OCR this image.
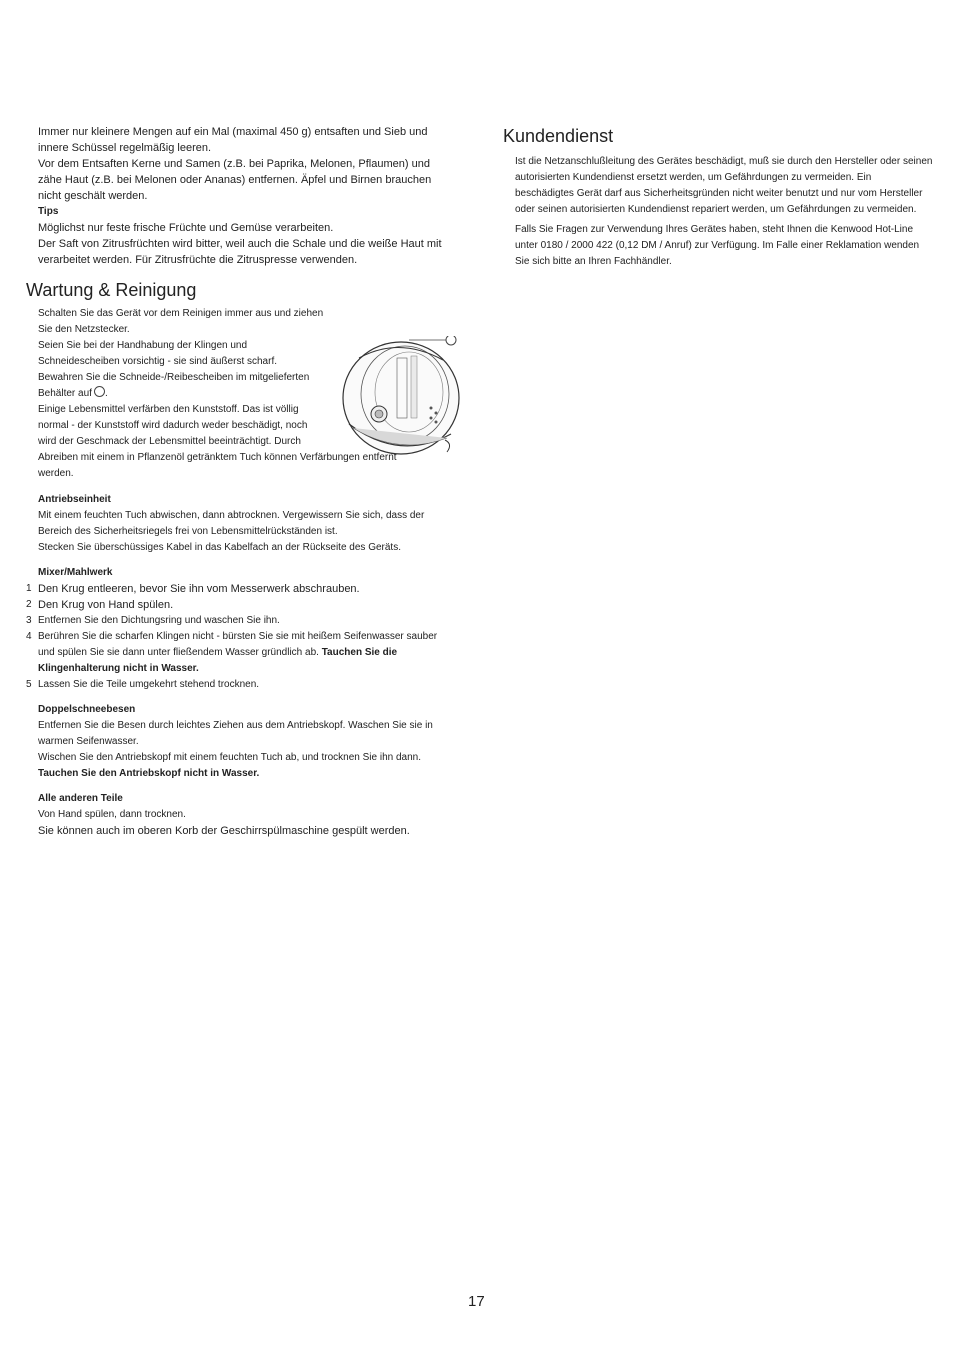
Immer nur kleinere Mengen auf ein Mal (maximal 450 g) entsaften und Sieb und innere Schüssel regelmäßig leeren.

Vor dem Entsaften Kerne und Samen (z.B. bei Paprika, Melonen, Pflaumen) und zähe Haut (z.B. bei Melonen oder Ananas) entfernen. Äpfel und Birnen brauchen nicht geschält werden.

Tips

Möglichst nur feste frische Früchte und Gemüse verarbeiten.

Der Saft von Zitrusfrüchten wird bitter, weil auch die Schale und die weiße Haut mit verarbeitet werden. Für Zitrusfrüchte die Zitruspresse verwenden.

Wartung & Reinigung

Schalten Sie das Gerät vor dem Reinigen immer aus und ziehen

Sie den Netzstecker.

Seien Sie bei der Handhabung der Klingen und

Schneidescheiben vorsichtig - sie sind äußerst scharf.

Bewahren Sie die Schneide-/Reibescheiben im mitgelieferten

Behälter auf .

Einige Lebensmittel verfärben den Kunststoff. Das ist völlig

normal - der Kunststoff wird dadurch weder beschädigt, noch

wird der Geschmack der Lebensmittel beeinträchtigt. Durch

Abreiben mit einem in Pflanzenöl getränktem Tuch können Verfärbungen entfernt

werden.

Antriebseinheit

Mit einem feuchten Tuch abwischen, dann abtrocknen. Vergewissern Sie sich, dass der Bereich des Sicherheitsriegels frei von Lebensmittelrückständen ist.

Stecken Sie überschüssiges Kabel in das Kabelfach an der Rückseite des Geräts.

Mixer/Mahlwerk

1 Den Krug entleeren, bevor Sie ihn vom Messerwerk abschrauben.
2 Den Krug von Hand spülen.
3 Entfernen Sie den Dichtungsring und waschen Sie ihn.
4 Berühren Sie die scharfen Klingen nicht - bürsten Sie sie mit heißem Seifenwasser sauber und spülen Sie sie dann unter fließendem Wasser gründlich ab. Tauchen Sie die Klingenhalterung nicht in Wasser.
5 Lassen Sie die Teile umgekehrt stehend trocknen.

Doppelschneebesen

Entfernen Sie die Besen durch leichtes Ziehen aus dem Antriebskopf. Waschen Sie sie in warmen Seifenwasser.

Wischen Sie den Antriebskopf mit einem feuchten Tuch ab, und trocknen Sie ihn dann.

Tauchen Sie den Antriebskopf nicht in Wasser.

Alle anderen Teile

Von Hand spülen, dann trocknen.

Sie können auch im oberen Korb der Geschirrspülmaschine gespült werden.

Kundendienst

Ist die Netzanschlußleitung des Gerätes beschädigt, muß sie durch den Hersteller oder seinen autorisierten Kundendienst ersetzt werden, um Gefährdungen zu vermeiden. Ein beschädigtes Gerät darf aus Sicherheitsgründen nicht weiter benutzt und nur vom Hersteller oder seinen autorisierten Kundendienst repariert werden, um Gefährdungen zu vermeiden.

Falls Sie Fragen zur Verwendung Ihres Gerätes haben, steht Ihnen die Kenwood Hot-Line unter 0180 / 2000 422 (0,12 DM / Anruf) zur Verfügung. Im Falle einer Reklamation wenden Sie sich bitte an Ihren Fachhändler.

17
